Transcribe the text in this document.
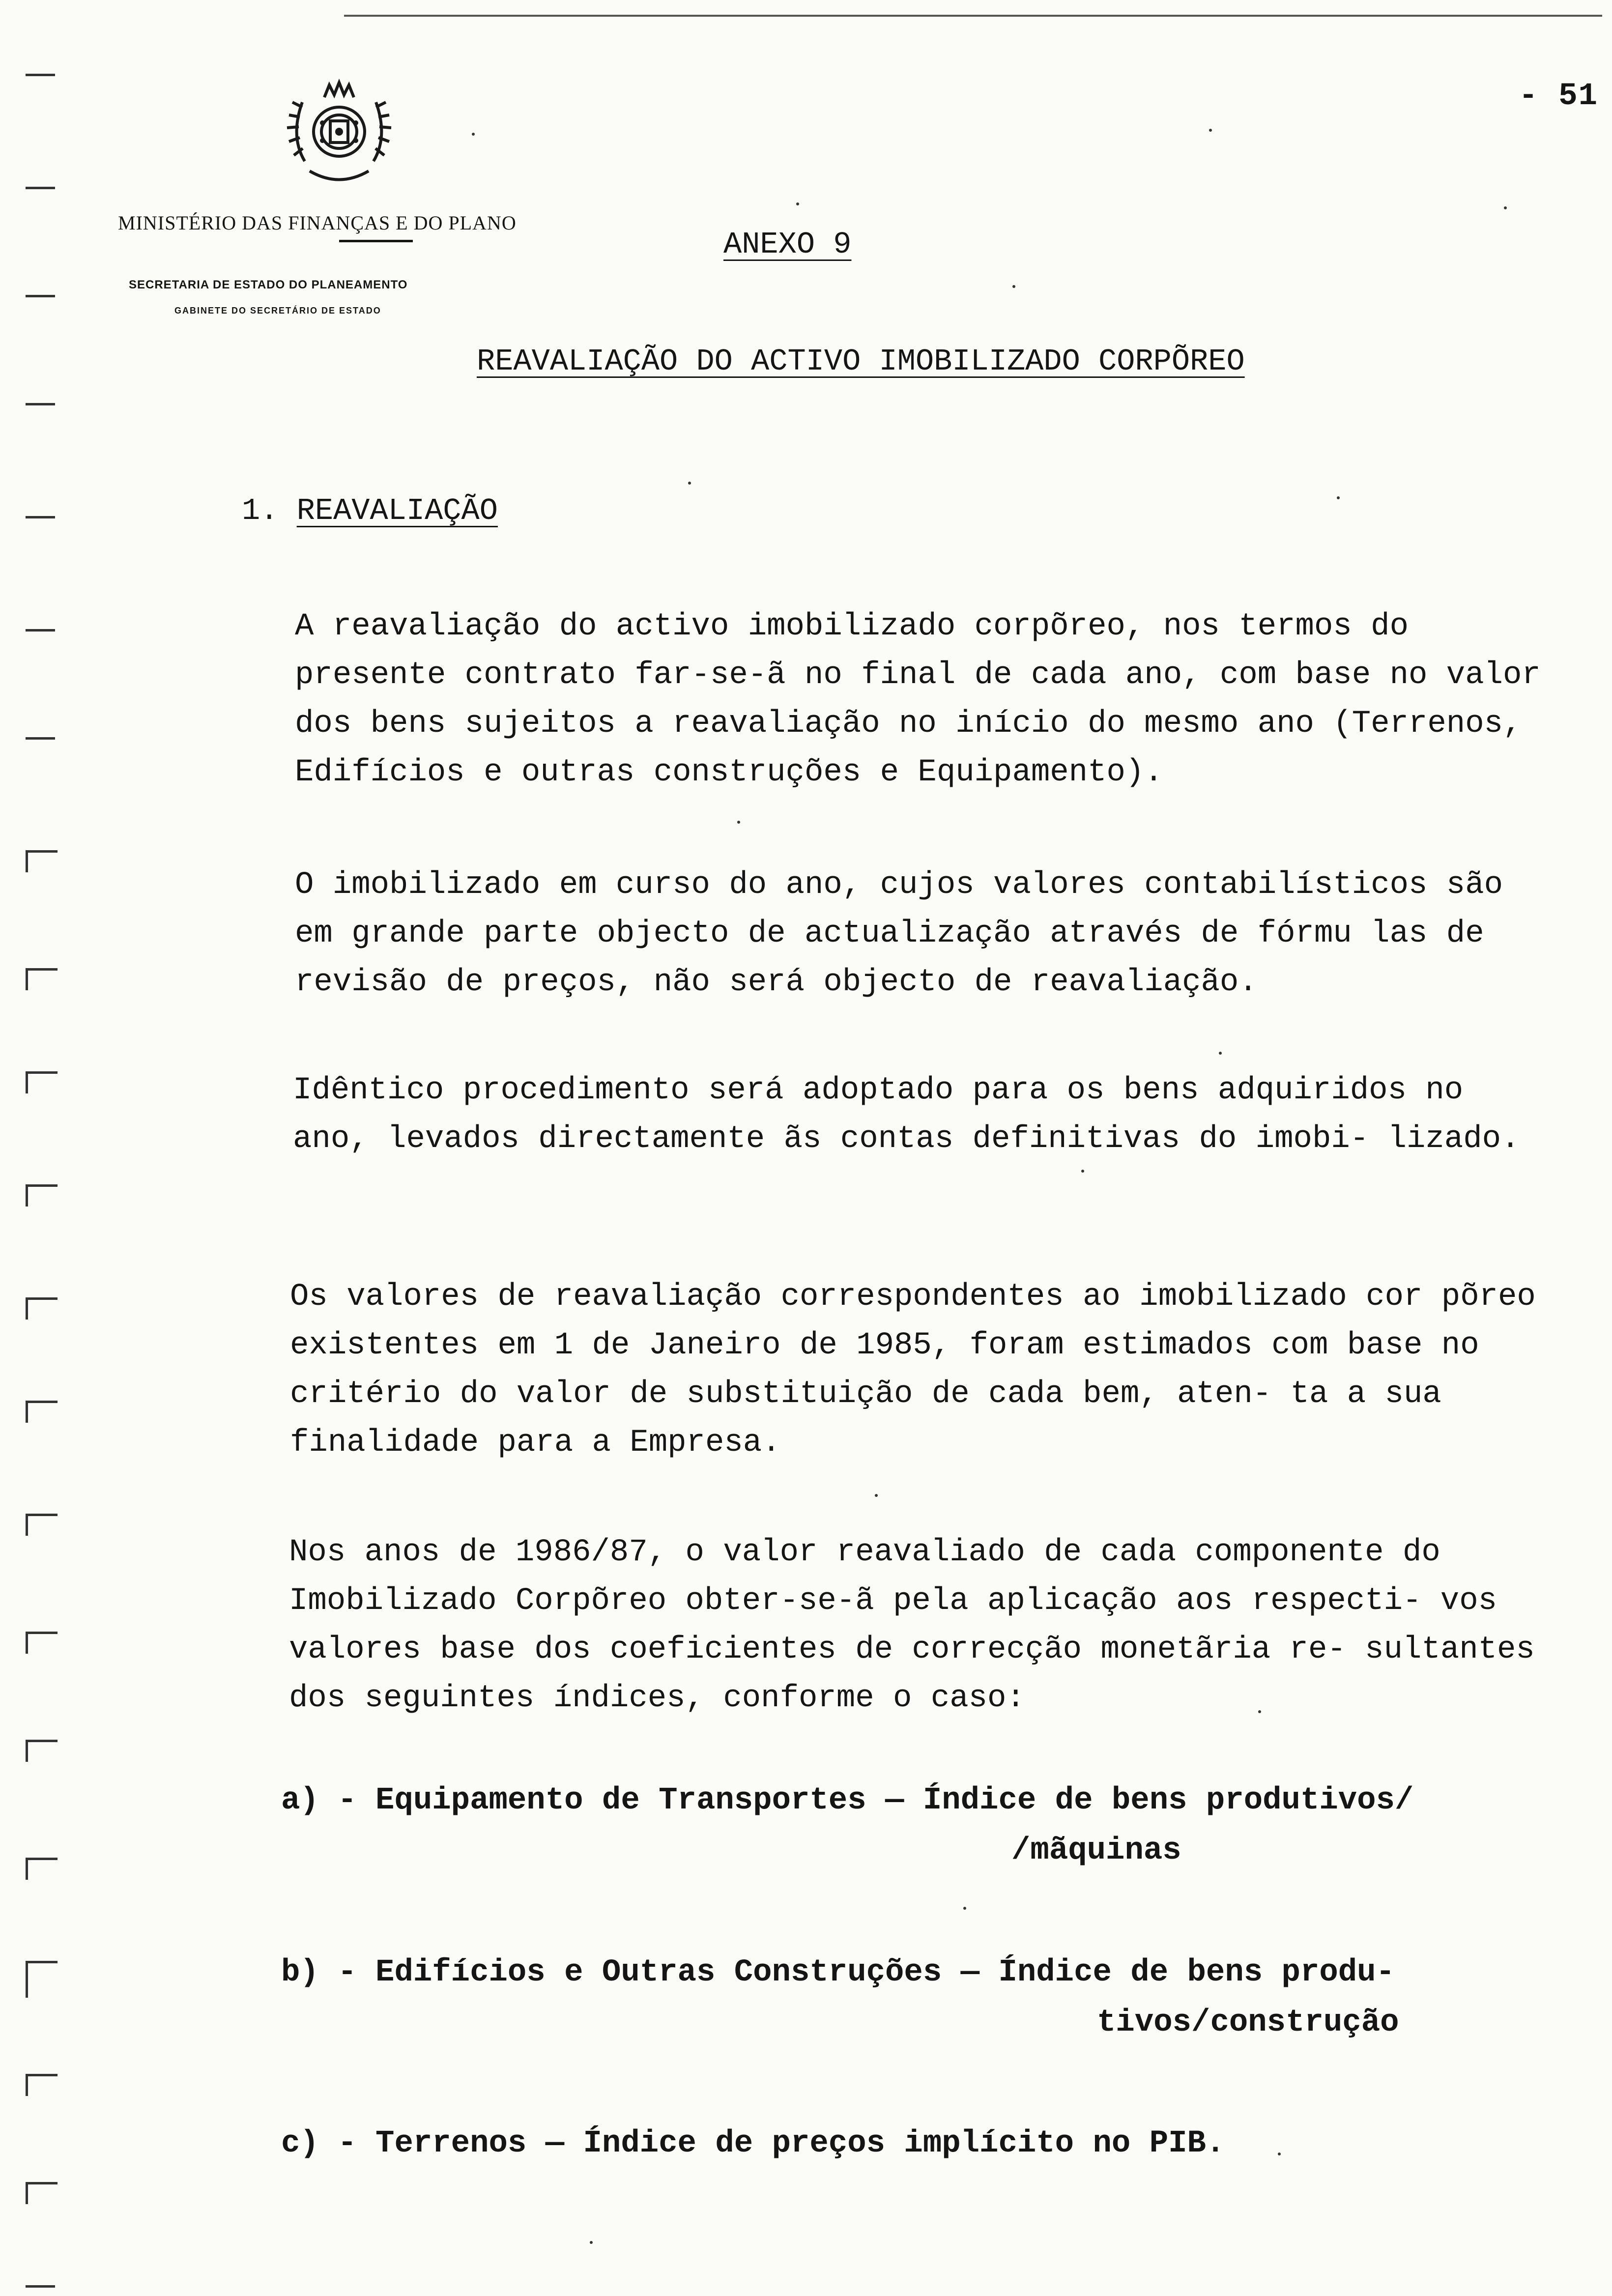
- 51
MINISTÉRIO DAS FINANÇAS E DO PLANO
SECRETARIA DE ESTADO DO PLANEAMENTO
GABINETE DO SECRETÁRIO DE ESTADO
ANEXO 9
REAVALIAÇÃO DO ACTIVO IMOBILIZADO CORPÕREO
1. REAVALIAÇÃO

A reavaliação do activo imobilizado corpõreo, nos termos do presente contrato far-se-ã no final de cada ano, com base no valor dos bens sujeitos a reavaliação no início do mesmo ano (Terrenos, Edifícios e outras construções e Equipamento).

O imobilizado em curso do ano, cujos valores contabilísticos são em grande parte objecto de actualização através de fórmu las de revisão de preços, não será objecto de reavaliação.

Idêntico procedimento será adoptado para os bens adquiridos no ano, levados directamente ãs contas definitivas do imobi- lizado.

Os valores de reavaliação correspondentes ao imobilizado cor põreo existentes em 1 de Janeiro de 1985, foram estimados com base no critério do valor de substituição de cada bem, aten- ta a sua finalidade para a Empresa.

Nos anos de 1986/87, o valor reavaliado de cada componente do Imobilizado Corpõreo obter-se-ã pela aplicação aos respecti- vos valores base dos coeficientes de correcção monetãria re- sultantes dos seguintes índices, conforme o caso:

a) - Equipamento de Transportes — Índice de bens produtivos/
/mãquinas
b) - Edifícios e Outras Construções — Índice de bens produ-
tivos/construção
c) - Terrenos — Índice de preços implícito no PIB.
